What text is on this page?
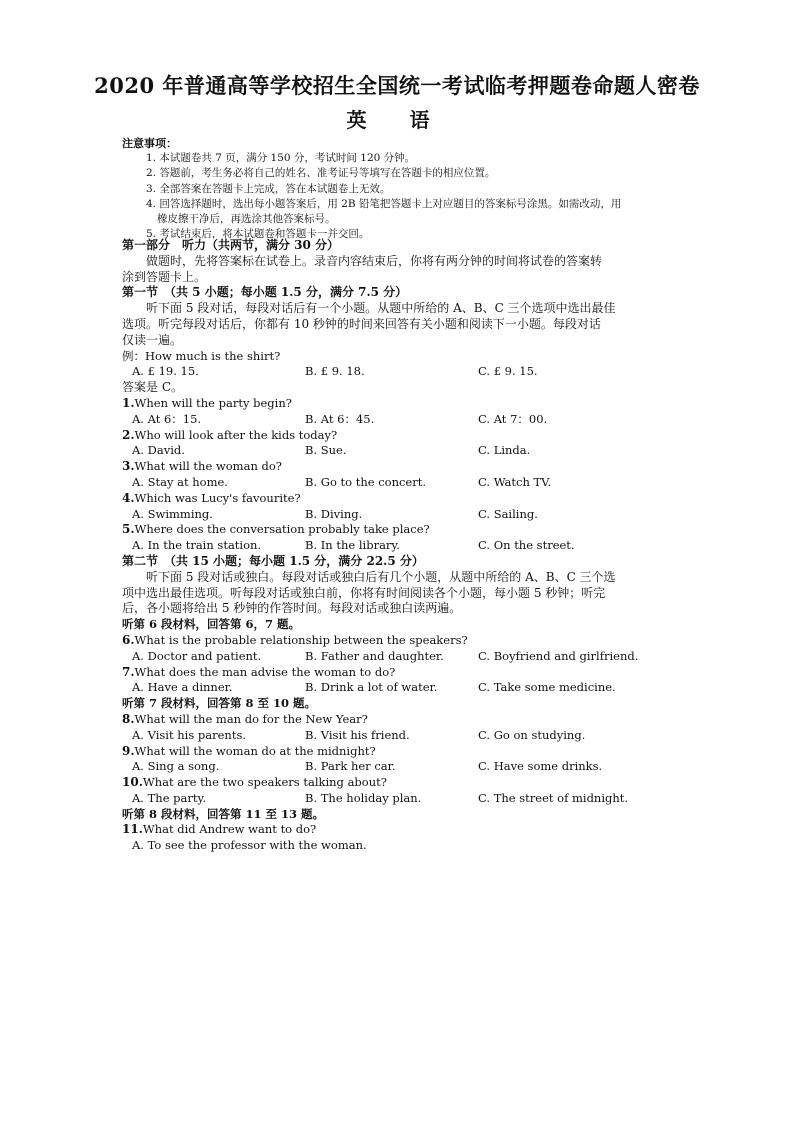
2020 年普通高等学校招生全国统一考试临考押题卷命题人密卷
英 语
注意事项：
1. 本试题卷共 7 页，满分 150 分，考试时间 120 分钟。
2. 答题前，考生务必将自己的姓名、准考证号等填写在答题卡的相应位置。
3. 全部答案在答题卡上完成，答在本试题卷上无效。
4. 回答选择题时，选出每小题答案后，用 2B 铅笔把答题卡上对应题目的答案标号涂黑。如需改动，用
橡皮擦干净后，再选涂其他答案标号。
5. 考试结束后，将本试题卷和答题卡一并交回。
第一部分　听力（共两节，满分 30 分）
做题时，先将答案标在试卷上。录音内容结束后，你将有两分钟的时间将试卷的答案转
涂到答题卡上。
第一节　（共 5 小题；每小题 1.5 分，满分 7.5 分）
听下面 5 段对话，每段对话后有一个小题。从题中所给的 A、B、C 三个选项中选出最佳
选项。听完每段对话后，你都有 10 秒钟的时间来回答有关小题和阅读下一小题。每段对话
仅读一遍。
例：How much is the shirt?
A. £ 19. 15.	B. £ 9. 18.	C. £ 9. 15.
答案是 C。
1.When will the party begin?
A. At 6：15.	B. At 6：45.	C. At 7：00.
2.Who will look after the kids today?
A. David.	B. Sue.	C. Linda.
3.What will the woman do?
A. Stay at home.	B. Go to the concert.	C. Watch TV.
4.Which was Lucy's favourite?
A. Swimming.	B. Diving.	C. Sailing.
5.Where does the conversation probably take place?
A. In the train station.	B. In the library.	C. On the street.
第二节　（共 15 小题；每小题 1.5 分，满分 22.5 分）
听下面 5 段对话或独白。每段对话或独白后有几个小题，从题中所给的 A、B、C 三个选
项中选出最佳选项。听每段对话或独白前，你将有时间阅读各个小题，每小题 5 秒钟；听完
后，各小题将给出 5 秒钟的作答时间。每段对话或独白读两遍。
听第 6 段材料，回答第 6，7 题。
6.What is the probable relationship between the speakers?
A. Doctor and patient.	B. Father and daughter.	C. Boyfriend and girlfriend.
7.What does the man advise the woman to do?
A. Have a dinner.	B. Drink a lot of water.	C. Take some medicine.
听第 7 段材料，回答第 8 至 10 题。
8.What will the man do for the New Year?
A. Visit his parents.	B. Visit his friend.	C. Go on studying.
9.What will the woman do at the midnight?
A. Sing a song.	B. Park her car.	C. Have some drinks.
10.What are the two speakers talking about?
A. The party.	B. The holiday plan.	C. The street of midnight.
听第 8 段材料，回答第 11 至 13 题。
11.What did Andrew want to do?
A. To see the professor with the woman.
